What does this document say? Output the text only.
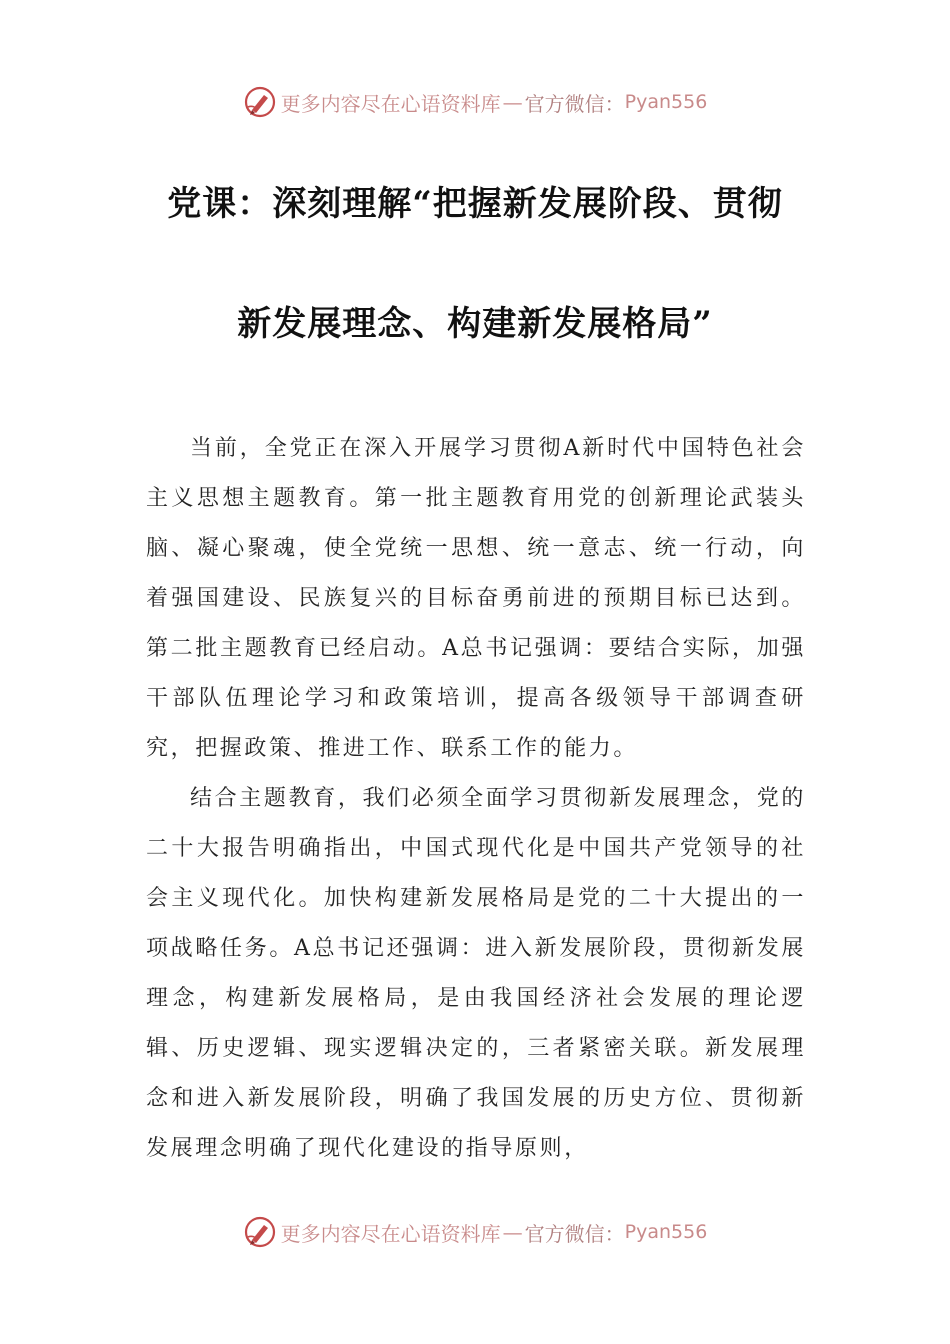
更多内容尽在心语资料库 — 官方微信： Pyan556
党课：深刻理解“把握新发展阶段、贯彻
新发展理念、构建新发展格局”

当前，全党正在深入开展学习贯彻A新时代中国特色社会主义思想主题教育。第一批主题教育用党的创新理论武装头脑、凝心聚魂，使全党统一思想、统一意志、统一行动，向着强国建设、民族复兴的目标奋勇前进的预期目标已达到。第二批主题教育已经启动。A总书记强调：要结合实际，加强干部队伍理论学习和政策培训，提高各级领导干部调查研究，把握政策、推进工作、联系工作的能力。

结合主题教育，我们必须全面学习贯彻新发展理念，党的二十大报告明确指出，中国式现代化是中国共产党领导的社会主义现代化。加快构建新发展格局是党的二十大提出的一项战略任务。A总书记还强调：进入新发展阶段，贯彻新发展理念，构建新发展格局，是由我国经济社会发展的理论逻辑、历史逻辑、现实逻辑决定的，三者紧密关联。新发展理念和进入新发展阶段，明确了我国发展的历史方位、贯彻新发展理念明确了现代化建设的指导原则，

更多内容尽在心语资料库 — 官方微信： Pyan556
